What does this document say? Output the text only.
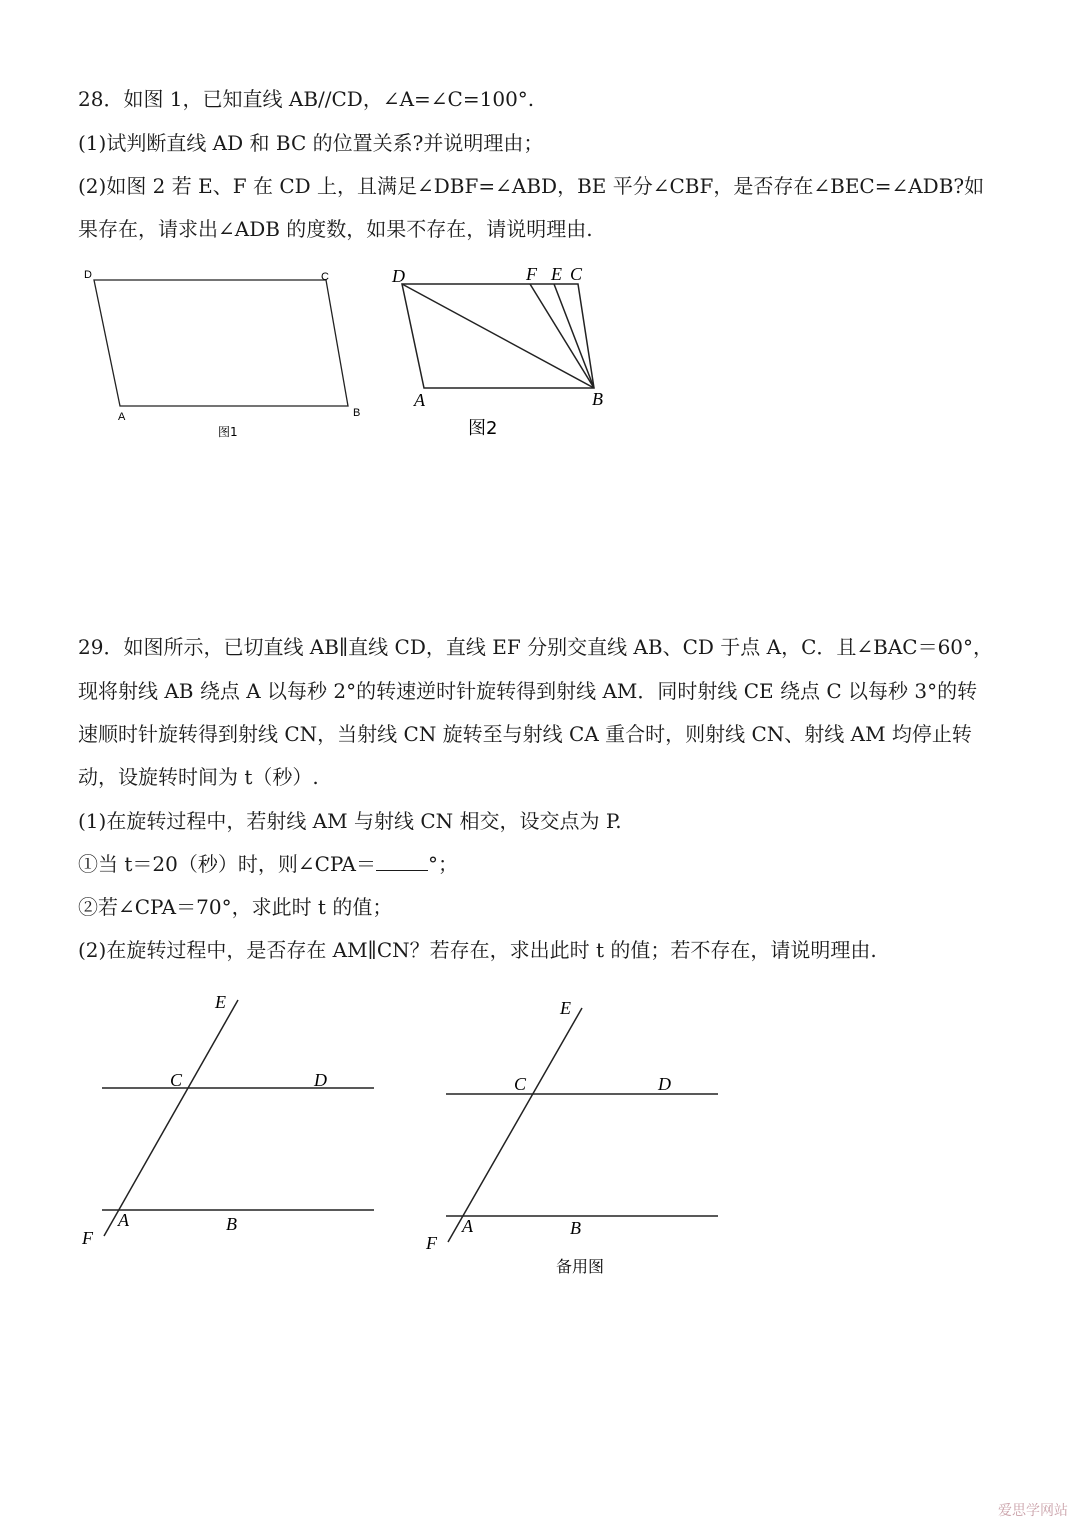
28．如图 1，已知直线 AB//CD，∠A=∠C=100°.
(1)试判断直线 AD 和 BC 的位置关系?并说明理由；
(2)如图 2 若 E、F 在 CD 上，且满足∠DBF=∠ABD，BE 平分∠CBF，是否存在∠BEC=∠ADB?如
果存在，请求出∠ADB 的度数，如果不存在，请说明理由.
D	C
A	B
图1
D	F E C
A	B
图2
29．如图所示，已切直线 AB∥直线 CD，直线 EF 分别交直线 AB、CD 于点 A，C．且∠BAC＝60°，
现将射线 AB 绕点 A 以每秒 2°的转速逆时针旋转得到射线 AM．同时射线 CE 绕点 C 以每秒 3°的转
速顺时针旋转得到射线 CN，当射线 CN 旋转至与射线 CA 重合时，则射线 CN、射线 AM 均停止转
动，设旋转时间为 t（秒）.
(1)在旋转过程中，若射线 AM 与射线 CN 相交，设交点为 P.
①当 t＝20（秒）时，则∠CPA＝	°；
②若∠CPA＝70°，求此时 t 的值；
(2)在旋转过程中，是否存在 AM∥CN？若存在，求出此时 t 的值；若不存在，请说明理由.
E
C	D
A	B
F
E
C	D
A	B
F
备用图
爱思学网站
